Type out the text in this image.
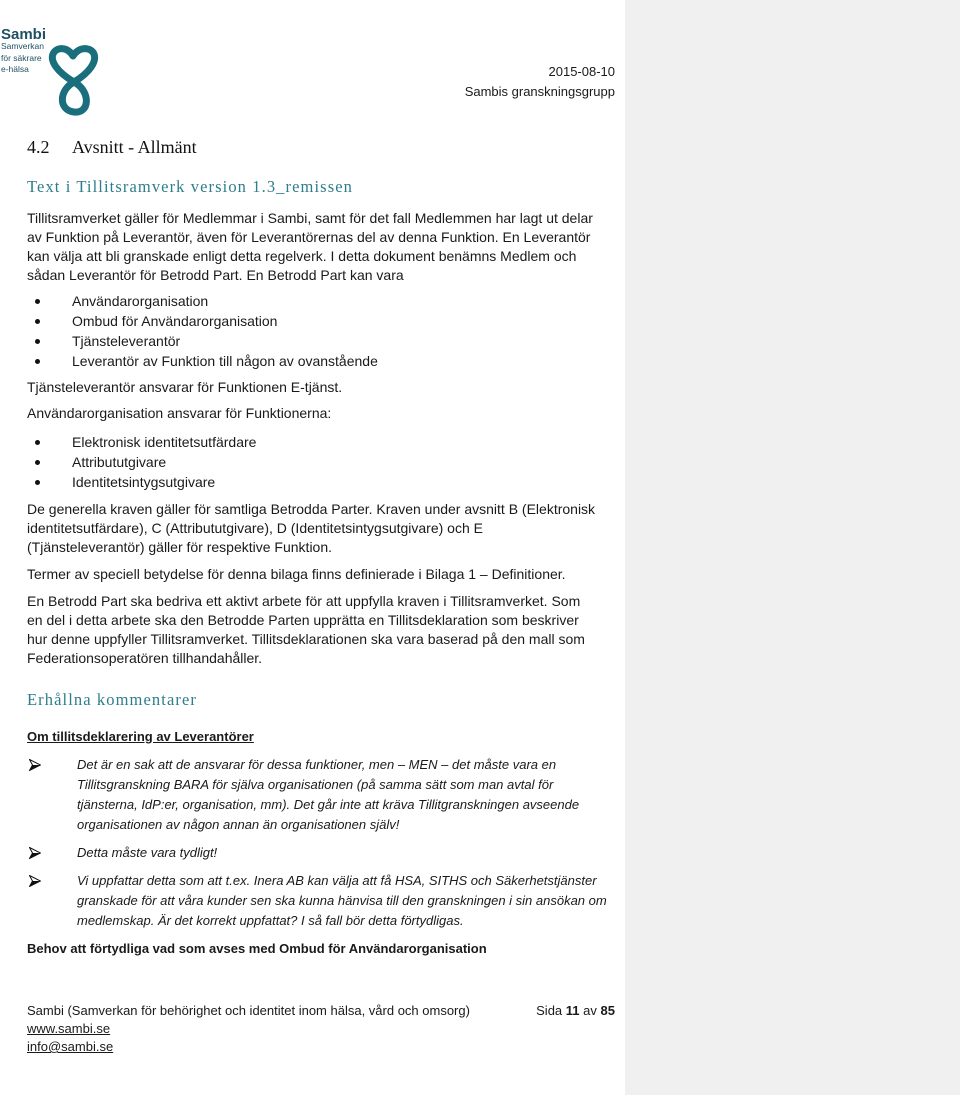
Sambi
Samverkan
för säkrare
e-hälsa	2015-08-10
Sambis granskningsgrupp
4.2 Avsnitt - Allmänt
Text i Tillitsramverk version 1.3_remissen
Tillitsramverket gäller för Medlemmar i Sambi, samt för det fall Medlemmen har lagt ut delar
av Funktion på Leverantör, även för Leverantörernas del av denna Funktion. En Leverantör
kan välja att bli granskade enligt detta regelverk. I detta dokument benämns Medlem och
sådan Leverantör för Betrodd Part. En Betrodd Part kan vara
Användarorganisation
Ombud för Användarorganisation
Tjänsteleverantör
Leverantör av Funktion till någon av ovanstående
Tjänsteleverantör ansvarar för Funktionen E-tjänst.
Användarorganisation ansvarar för Funktionerna:
Elektronisk identitetsutfärdare
Attribututgivare
Identitetsintygsutgivare
De generella kraven gäller för samtliga Betrodda Parter. Kraven under avsnitt B (Elektronisk
identitetsutfärdare), C (Attribututgivare), D (Identitetsintygsutgivare) och E
(Tjänsteleverantör) gäller för respektive Funktion.
Termer av speciell betydelse för denna bilaga finns definierade i Bilaga 1 – Definitioner.
En Betrodd Part ska bedriva ett aktivt arbete för att uppfylla kraven i Tillitsramverket. Som
en del i detta arbete ska den Betrodde Parten upprätta en Tillitsdeklaration som beskriver
hur denne uppfyller Tillitsramverket. Tillitsdeklarationen ska vara baserad på den mall som
Federationsoperatören tillhandahåller.
Erhållna kommentarer
Om tillitsdeklarering av Leverantörer
Det är en sak att de ansvarar för dessa funktioner, men – MEN – det måste vara en
Tillitsgranskning BARA för själva organisationen (på samma sätt som man avtal för
tjänsterna, IdP:er, organisation, mm). Det går inte att kräva Tillitgranskningen avseende
organisationen av någon annan än organisationen själv!
Detta måste vara tydligt!
Vi uppfattar detta som att t.ex. Inera AB kan välja att få HSA, SITHS och Säkerhetstjänster
granskade för att våra kunder sen ska kunna hänvisa till den granskningen i sin ansökan om
medlemskap. Är det korrekt uppfattat? I så fall bör detta förtydligas.
Behov att förtydliga vad som avses med Ombud för Användarorganisation
Sambi (Samverkan för behörighet och identitet inom hälsa, vård och omsorg)
www.sambi.se
info@sambi.se
Sida 11 av 85
